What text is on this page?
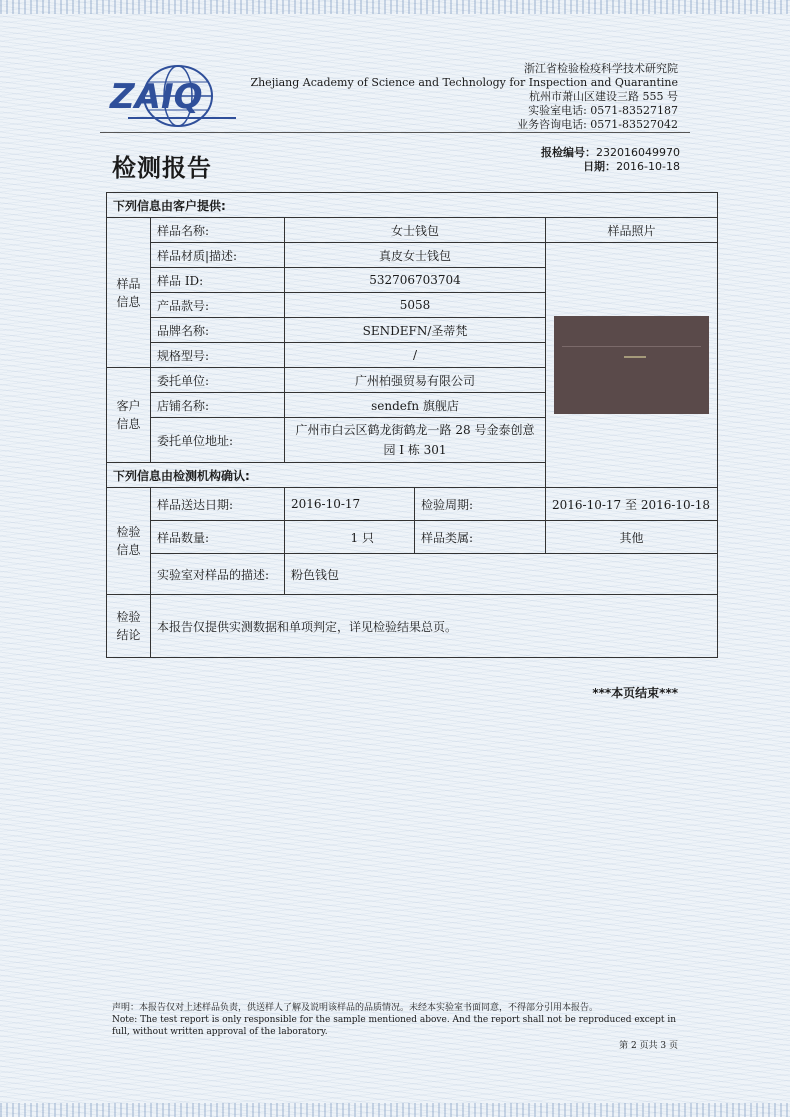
ZAIQ
浙江省检验检疫科学技术研究院
Zhejiang Academy of Science and Technology for Inspection and Quarantine
杭州市萧山区建设三路 555 号
实验室电话: 0571-83527187
业务咨询电话: 0571-83527042
检测报告
报检编号：232016049970
日期：2016-10-18
下列信息由客户提供:				
样品
信息	样品名称:	女士钱包		样品照片
	样品材质|描述:	真皮女士钱包		

	样品 ID:	532706703704		
	产品款号:	5058		
	品牌名称:	SENDEFN/圣蒂梵		
	规格型号:	/		
客户
信息	委托单位:	广州柏强贸易有限公司		
	店铺名称:	sendefn 旗舰店		
	委托单位地址:	广州市白云区鹤龙街鹤龙一路 28 号金泰创意园 I 栋 301		
下列信息由检测机构确认:				
检验
信息	样品送达日期:	2016-10-17	检验周期:	2016-10-17 至 2016-10-18
	样品数量:	1 只	样品类属:	其他
	实验室对样品的描述:	粉色钱包		
检验
结论	本报告仅提供实测数据和单项判定，详见检验结果总页。			
***本页结束***
声明：本报告仅对上述样品负责，供送样人了解及说明该样品的品质情况。未经本实验室书面同意，不得部分引用本报告。
Note: The test report is only responsible for the sample mentioned above. And the report shall not be reproduced except in full, without written approval of the laboratory.
第 2 页共 3 页
